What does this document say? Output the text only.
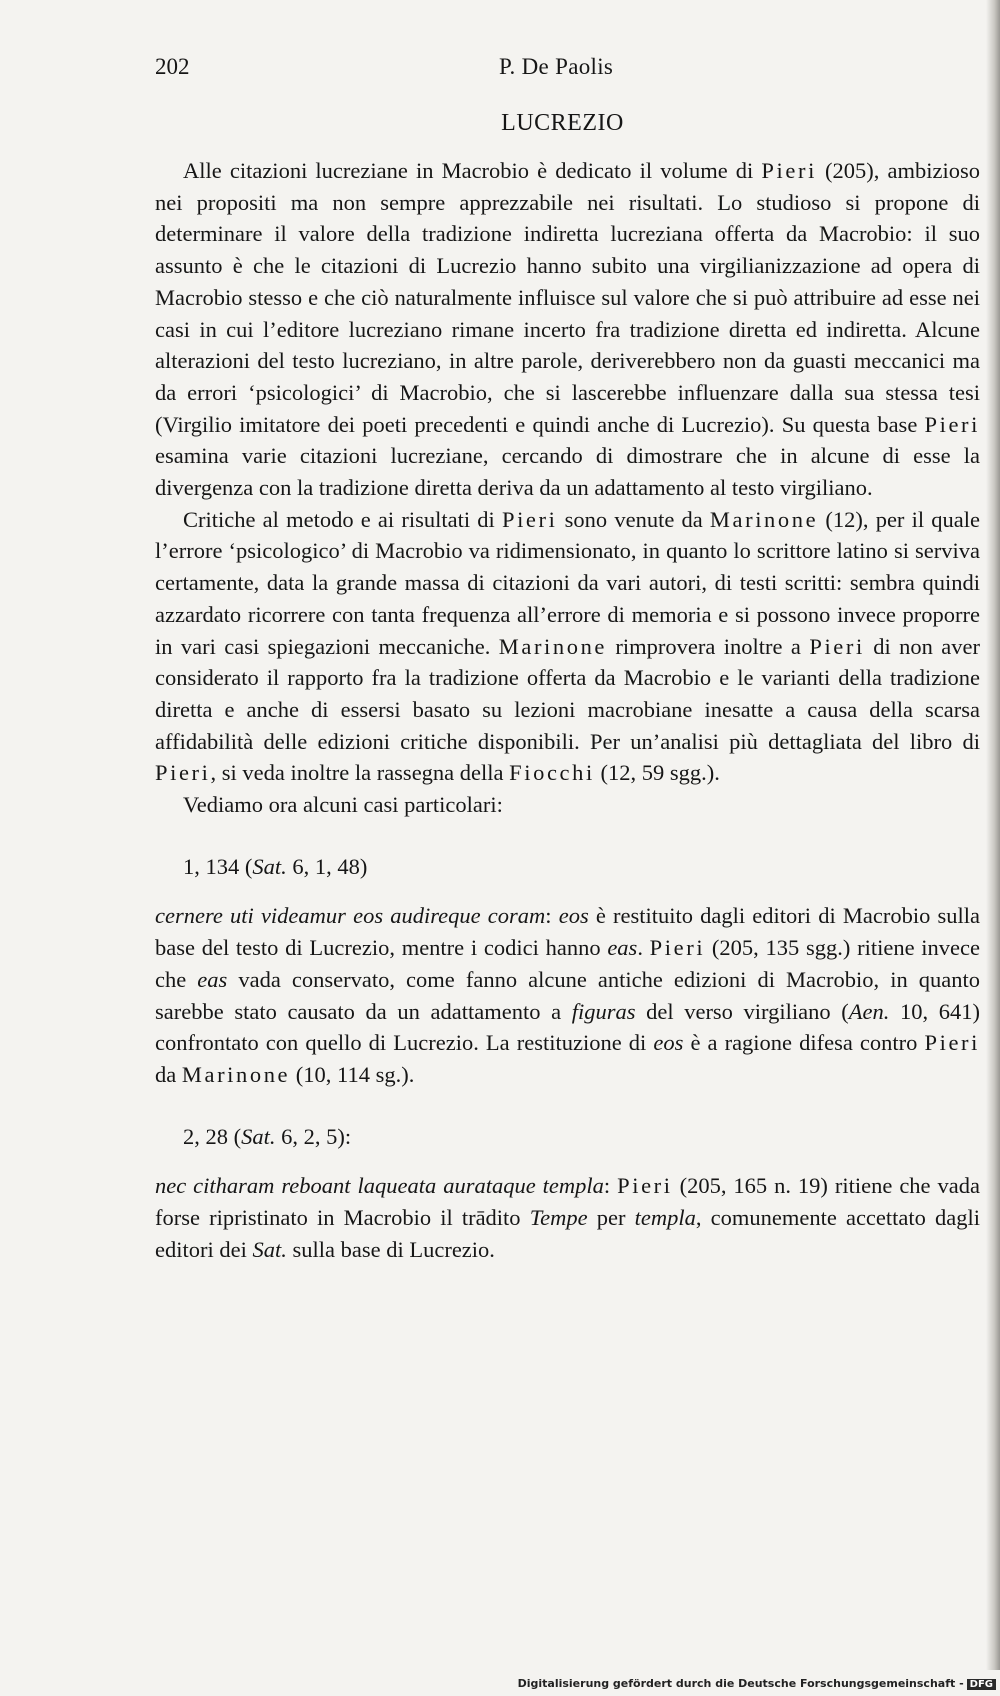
202	P. De Paolis
LUCREZIO

Alle citazioni lucreziane in Macrobio è dedicato il volume di Pieri (205), ambizioso nei propositi ma non sempre apprezzabile nei risultati. Lo studioso si propone di determinare il valore della tradizione indiretta lucreziana offerta da Macrobio: il suo assunto è che le citazioni di Lucrezio hanno subito una virgilianizzazione ad opera di Macrobio stesso e che ciò naturalmente influisce sul valore che si può attribuire ad esse nei casi in cui l’editore lucreziano rimane incerto fra tradizione diretta ed indiretta. Alcune alterazioni del testo lucreziano, in altre parole, deriverebbero non da guasti meccanici ma da errori ‘psicologici’ di Macrobio, che si lascerebbe influenzare dalla sua stessa tesi (Virgilio imitatore dei poeti precedenti e quindi anche di Lucrezio). Su questa base Pieri esamina varie citazioni lucreziane, cercando di dimostrare che in alcune di esse la divergenza con la tradizione diretta deriva da un adattamento al testo virgiliano.

Critiche al metodo e ai risultati di Pieri sono venute da Marinone (12), per il quale l’errore ‘psicologico’ di Macrobio va ridimensionato, in quanto lo scrittore latino si serviva certamente, data la grande massa di citazioni da vari autori, di testi scritti: sembra quindi azzardato ricorrere con tanta frequenza all’errore di memoria e si possono invece proporre in vari casi spiegazioni meccaniche. Marinone rimprovera inoltre a Pieri di non aver considerato il rapporto fra la tradizione offerta da Macrobio e le varianti della tradizione diretta e anche di essersi basato su lezioni macrobiane inesatte a causa della scarsa affidabilità delle edizioni critiche disponibili. Per un’analisi più dettagliata del libro di Pieri, si veda inoltre la rassegna della Fiocchi (12, 59 sgg.).

Vediamo ora alcuni casi particolari:

1, 134 (Sat. 6, 1, 48)

cernere uti videamur eos audireque coram: eos è restituito dagli editori di Macrobio sulla base del testo di Lucrezio, mentre i codici hanno eas. Pieri (205, 135 sgg.) ritiene invece che eas vada conservato, come fanno alcune antiche edizioni di Macrobio, in quanto sarebbe stato causato da un adattamento a figuras del verso virgiliano (Aen. 10, 641) confrontato con quello di Lucrezio. La restituzione di eos è a ragione difesa contro Pieri da Marinone (10, 114 sg.).

2, 28 (Sat. 6, 2, 5):

nec citharam reboant laqueata aurataque templa: Pieri (205, 165 n. 19) ritiene che vada forse ripristinato in Macrobio il trādito Tempe per templa, comunemente accettato dagli editori dei Sat. sulla base di Lucrezio.

Digitalisierung gefördert durch die Deutsche Forschungsgemeinschaft - DFG
